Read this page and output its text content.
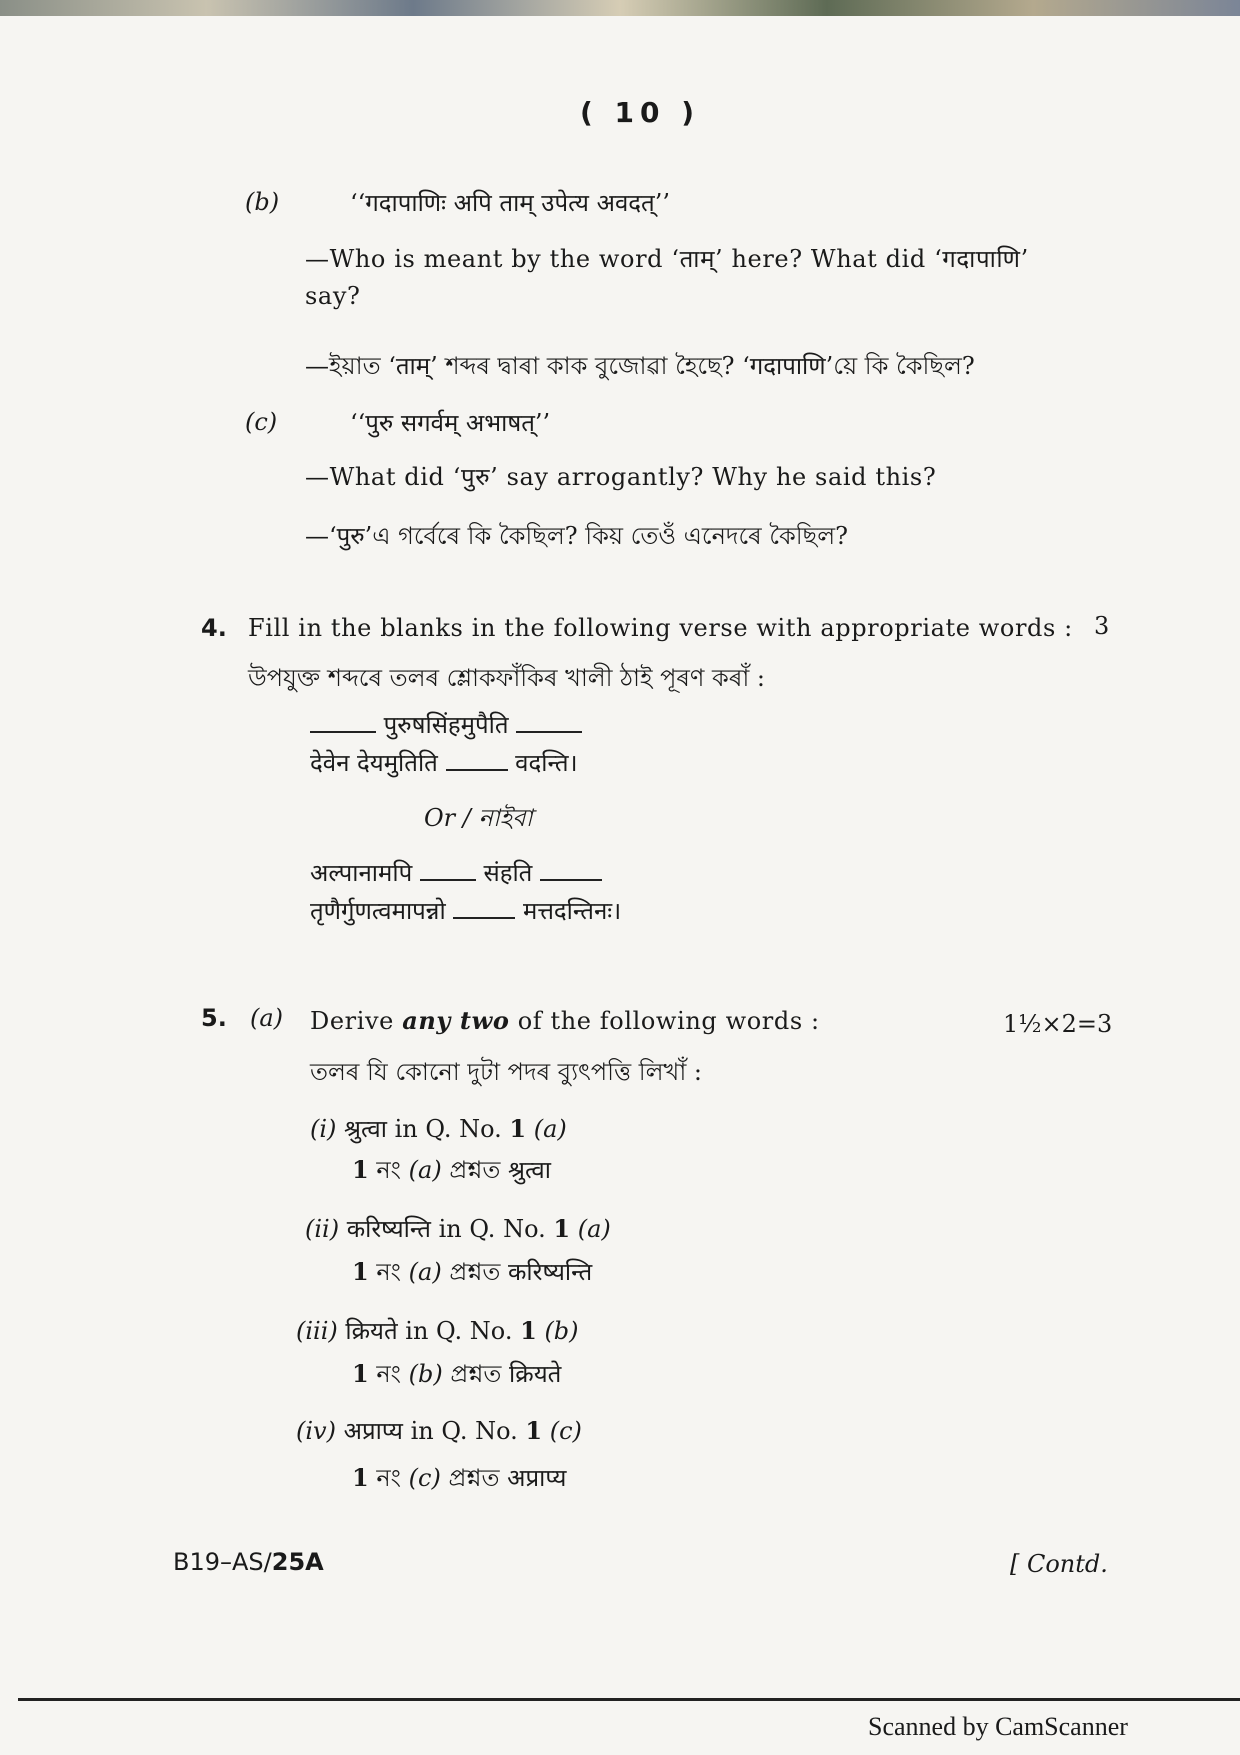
( 10 )
(b)	‘‘गदापाणिः अपि ताम् उपेत्य अवदत्’’
—Who is meant by the word ‘ताम्’ here? What did ‘गदापाणि’
say?
—ইয়াত ‘ताम्’ শব্দৰ দ্বাৰা কাক বুজোৱা হৈছে? ‘गदापाणि’য়ে কি কৈছিল?
(c)	‘‘पुरु सगर्वम् अभाषत्’’
—What did ‘पुरु’ say arrogantly? Why he said this?
—‘पुरु’এ গৰ্বেৰে কি কৈছিল? কিয় তেওঁ এনেদৰে কৈছিল?
4. Fill in the blanks in the following verse with appropriate words : 3
উপযুক্ত শব্দৰে তলৰ শ্লোকফাঁকিৰ খালী ঠাই পূৰণ কৰাঁ :
पुरुषसिंहमुपैति
देवेन देयमुतिति	वदन्ति।
Or / নাইবা
अल्पानामपि	संहति
तृणैर्गुणत्वमापन्नो	मत्तदन्तिनः।
5. (a) Derive any two of the following words :	1½×2=3
তলৰ যি কোনো দুটা পদৰ ব্যুৎপত্তি লিখাঁ :
(i) श्रुत्वा in Q. No. 1 (a)
1 নং (a) প্ৰশ্নত श्रुत्वा
(ii) करिष्यन्ति in Q. No. 1 (a)
1 নং (a) প্ৰশ্নত करिष्यन्ति
(iii) क्रियते in Q. No. 1 (b)
1 নং (b) প্ৰশ্নত क्रियते
(iv) अप्राप्य in Q. No. 1 (c)
1 নং (c) প্ৰশ্নত अप्राप्य
B19–AS/25A	[ Contd.
Scanned by CamScanner
